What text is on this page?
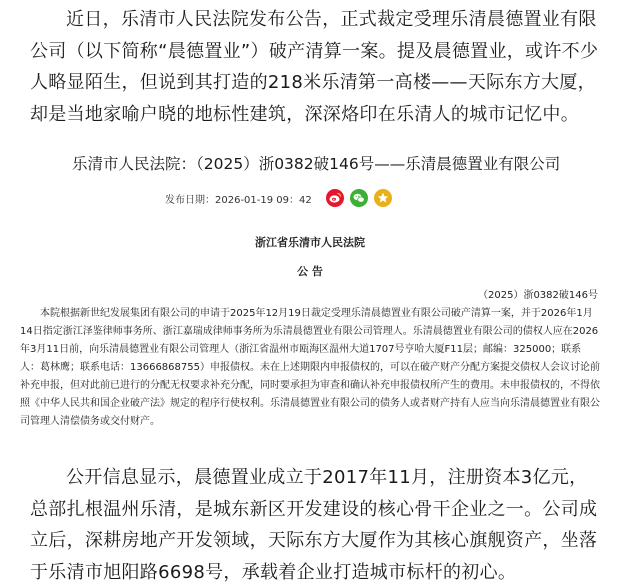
近日，乐清市人民法院发布公告，正式裁定受理乐清晨德置业有限公司（以下简称“晨德置业”）破产清算一案。提及晨德置业，或许不少人略显陌生，但说到其打造的218米乐清第一高楼——天际东方大厦，却是当地家喻户晓的地标性建筑，深深烙印在乐清人的城市记忆中。

乐清市人民法院：（2025）浙0382破146号——乐清晨德置业有限公司
发布日期：2026-01-19 09：42
浙江省乐清市人民法院
公 告
（2025）浙0382破146号

本院根据新世纪发展集团有限公司的申请于2025年12月19日裁定受理乐清晨德置业有限公司破产清算一案，并于2026年1月14日指定浙江泽鉴律师事务所、浙江嘉瑞成律师事务所为乐清晨德置业有限公司管理人。乐清晨德置业有限公司的债权人应在2026年3月11日前，向乐清晨德置业有限公司管理人（浙江省温州市瓯海区温州大道1707号亨哈大厦F11层；邮编：325000；联系人：葛林鹰；联系电话：13666868755）申报债权。未在上述期限内申报债权的，可以在破产财产分配方案提交债权人会议讨论前补充申报，但对此前已进行的分配无权要求补充分配，同时要承担为审查和确认补充申报债权所产生的费用。未申报债权的，不得依照《中华人民共和国企业破产法》规定的程序行使权利。乐清晨德置业有限公司的债务人或者财产持有人应当向乐清晨德置业有限公司管理人清偿债务或交付财产。

公开信息显示，晨德置业成立于2017年11月，注册资本3亿元，总部扎根温州乐清，是城东新区开发建设的核心骨干企业之一。公司成立后，深耕房地产开发领域，天际东方大厦作为其核心旗舰资产，坐落于乐清市旭阳路6698号，承载着企业打造城市标杆的初心。
